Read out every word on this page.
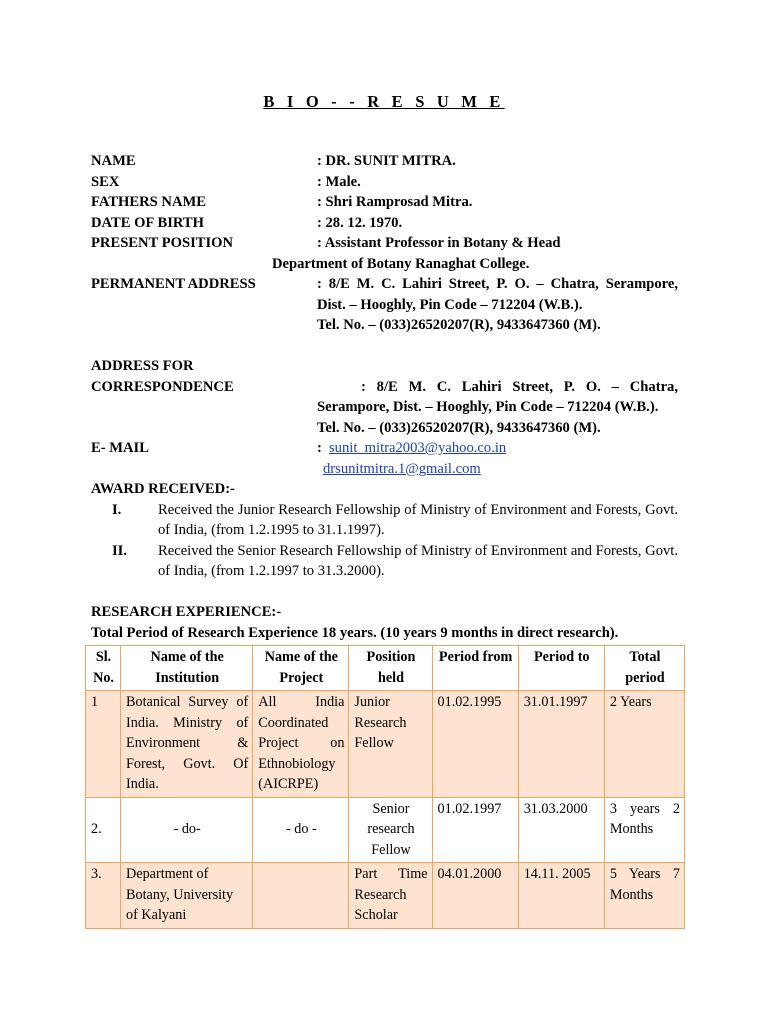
B I O - - R E S U M E
NAME	: DR. SUNIT MITRA.
SEX	: Male.
FATHERS NAME	: Shri Ramprosad Mitra.
DATE OF BIRTH	: 28. 12. 1970.
PRESENT POSITION	: Assistant Professor in Botany & Head
Department of Botany Ranaghat College.
PERMANENT ADDRESS	: 8/E M. C. Lahiri Street, P. O. – Chatra, Serampore,
Dist. – Hooghly, Pin Code – 712204 (W.B.).
Tel. No. – (033)26520207(R), 9433647360 (M).
ADDRESS FOR
CORRESPONDENCE	: 8/E M. C. Lahiri Street, P. O. – Chatra,
Serampore, Dist. – Hooghly, Pin Code – 712204 (W.B.).
Tel. No. – (033)26520207(R), 9433647360 (M).
E- MAIL	: sunit_mitra2003@yahoo.co.in
drsunitmitra.1@gmail.com
AWARD RECEIVED:-
I.	Received the Junior Research Fellowship of Ministry of Environment and Forests, Govt. of India, (from 1.2.1995 to 31.1.1997).
II. Received the Senior Research Fellowship of Ministry of Environment and Forests, Govt. of India, (from 1.2.1997 to 31.3.2000).
RESEARCH EXPERIENCE:-
Total Period of Research Experience 18 years. (10 years 9 months in direct research).
Sl. No.	Name of the Institution	Name of the Project	Position held	Period from	Period to	Total period
1	Botanical Survey of India. Ministry of Environment & Forest, Govt. Of India.	All India Coordinated Project on Ethnobiology (AICRPE)	Junior Research Fellow	01.02.1995	31.01.1997	2 Years
2.	- do-	- do -	Senior research Fellow	01.02.1997	31.03.2000	3 years 2 Months
3.	Department of Botany, University of Kalyani		Part Time Research Scholar	04.01.2000	14.11. 2005	5 Years 7 Months
